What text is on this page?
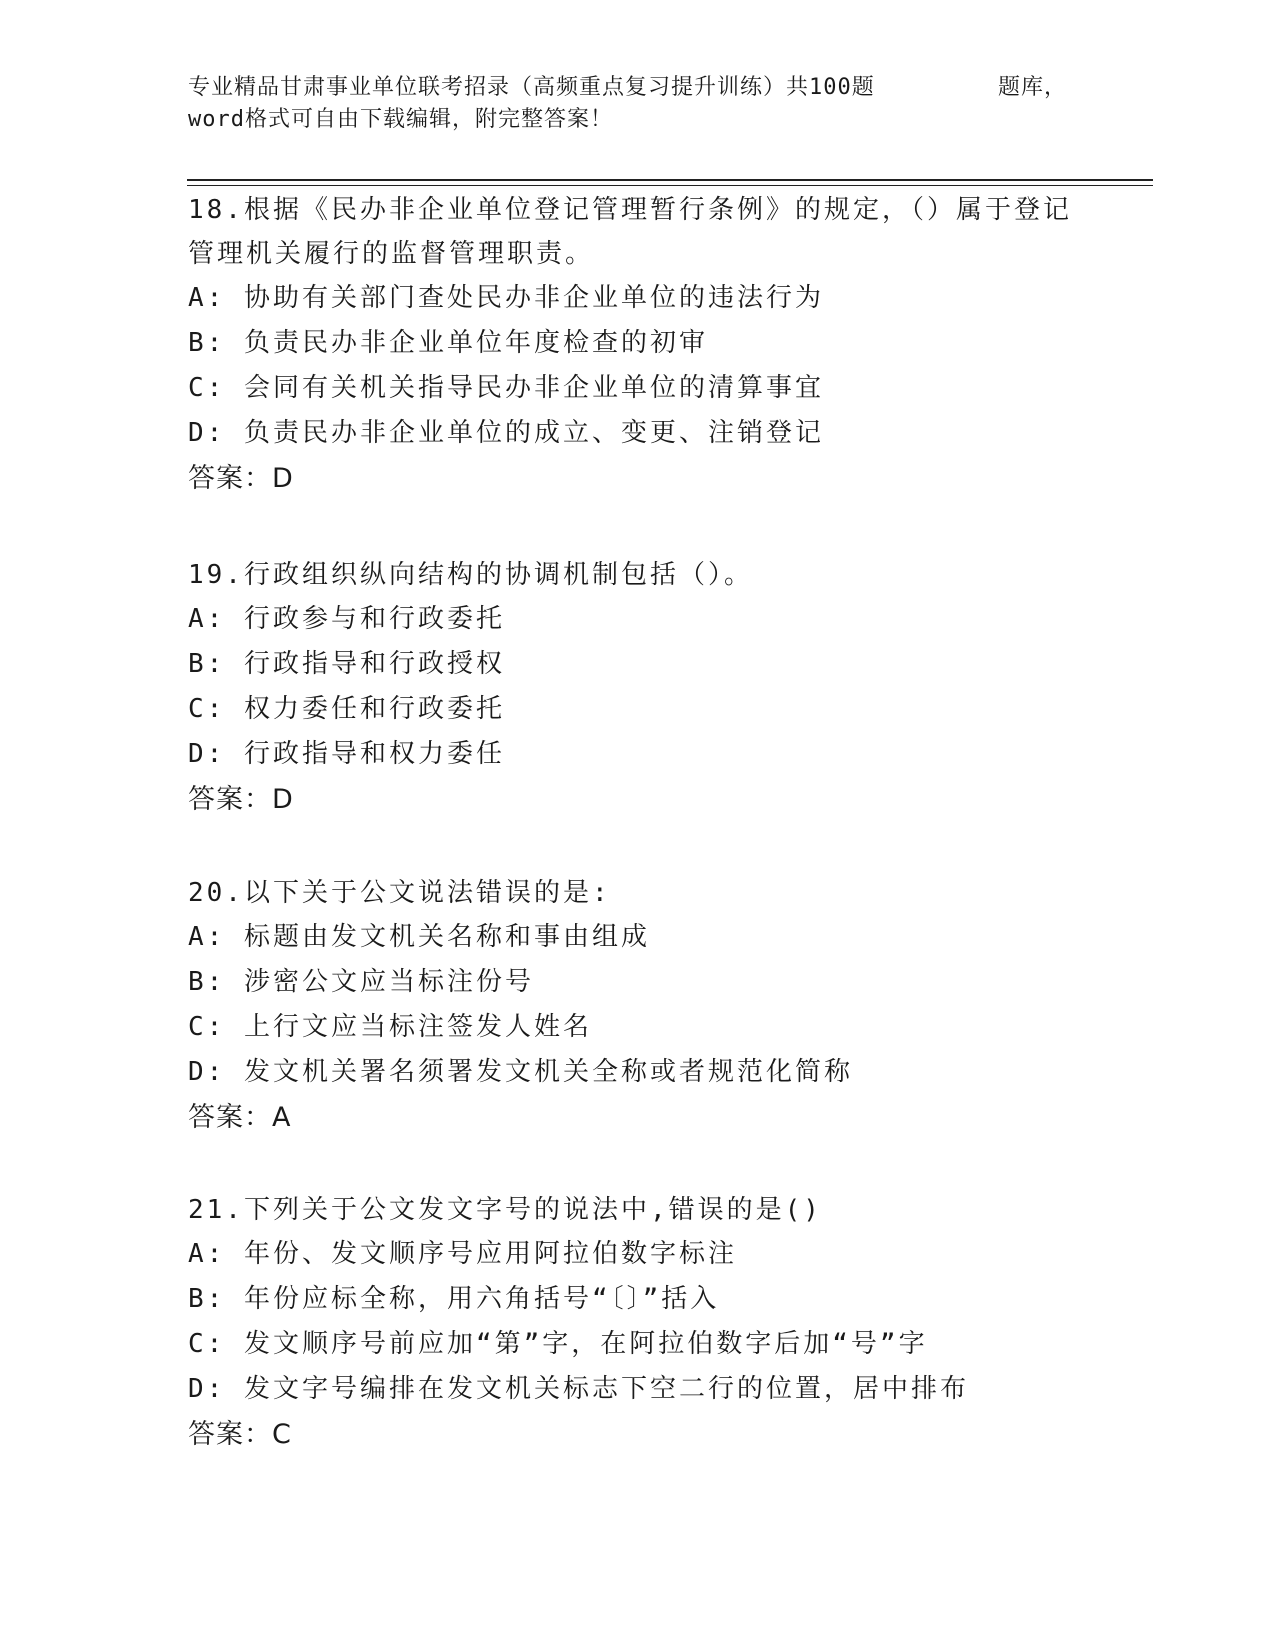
专业精品甘肃事业单位联考招录（高频重点复习提升训练）共100题	题库，
word格式可自由下载编辑，附完整答案！
18.根据《民办非企业单位登记管理暂行条例》的规定，（）属于登记管理机关履行的监督管理职责。
A: 协助有关部门查处民办非企业单位的违法行为
B: 负责民办非企业单位年度检查的初审
C: 会同有关机关指导民办非企业单位的清算事宜
D: 负责民办非企业单位的成立、变更、注销登记
答案：D
19.行政组织纵向结构的协调机制包括（）。
A: 行政参与和行政委托
B: 行政指导和行政授权
C: 权力委任和行政委托
D: 行政指导和权力委任
答案：D
20.以下关于公文说法错误的是:
A: 标题由发文机关名称和事由组成
B: 涉密公文应当标注份号
C: 上行文应当标注签发人姓名
D: 发文机关署名须署发文机关全称或者规范化简称
答案：A
21.下列关于公文发文字号的说法中,错误的是()
A: 年份、发文顺序号应用阿拉伯数字标注
B: 年份应标全称，用六角括号“〔〕”括入
C: 发文顺序号前应加“第”字，在阿拉伯数字后加“号”字
D: 发文字号编排在发文机关标志下空二行的位置，居中排布
答案：C
